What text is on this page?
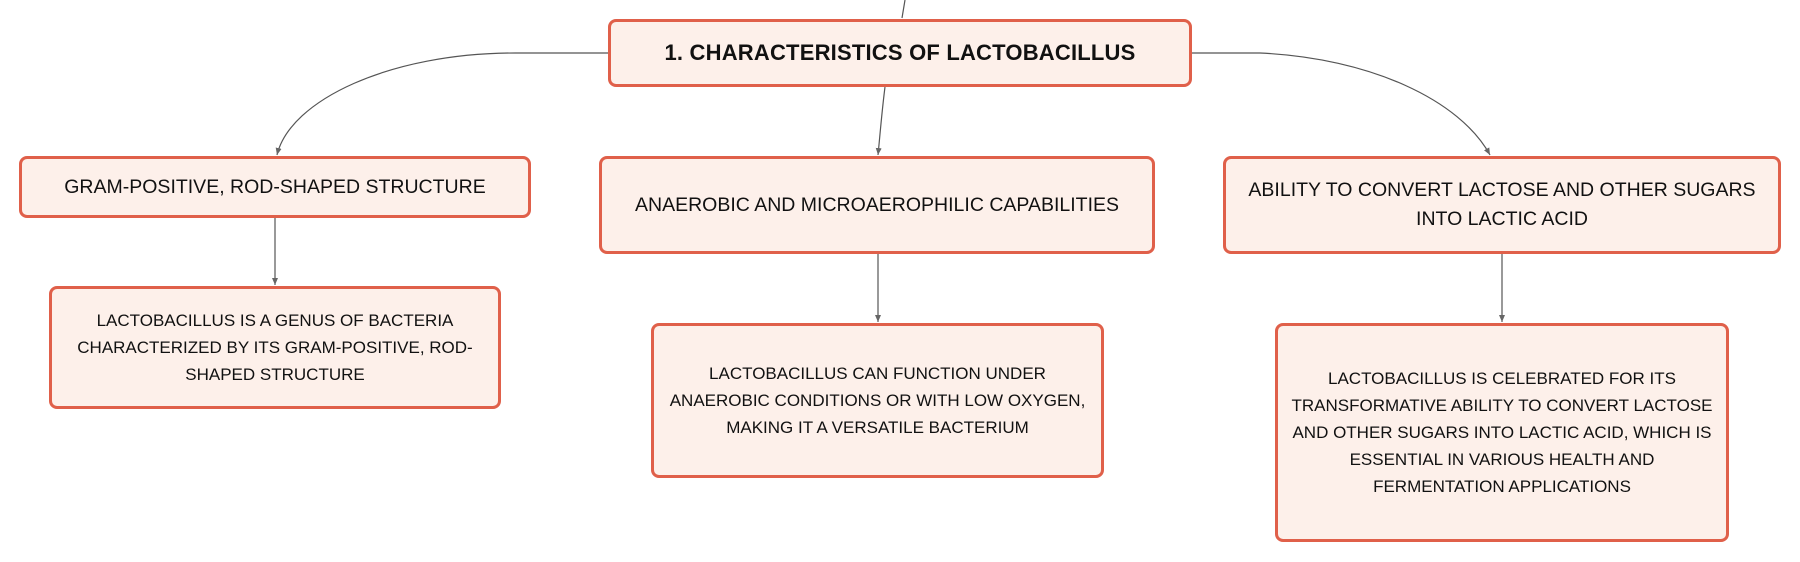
1. CHARACTERISTICS OF LACTOBACILLUS
GRAM-POSITIVE, ROD-SHAPED STRUCTURE
ANAEROBIC AND MICROAEROPHILIC CAPABILITIES
ABILITY TO CONVERT LACTOSE AND OTHER SUGARS INTO LACTIC ACID
LACTOBACILLUS IS A GENUS OF BACTERIA CHARACTERIZED BY ITS GRAM-POSITIVE, ROD-SHAPED STRUCTURE	LACTOBACILLUS CAN FUNCTION UNDER ANAEROBIC CONDITIONS OR WITH LOW OXYGEN, MAKING IT A VERSATILE BACTERIUM
LACTOBACILLUS IS CELEBRATED FOR ITS TRANSFORMATIVE ABILITY TO CONVERT LACTOSE AND OTHER SUGARS INTO LACTIC ACID, WHICH IS ESSENTIAL IN VARIOUS HEALTH AND FERMENTATION APPLICATIONS
